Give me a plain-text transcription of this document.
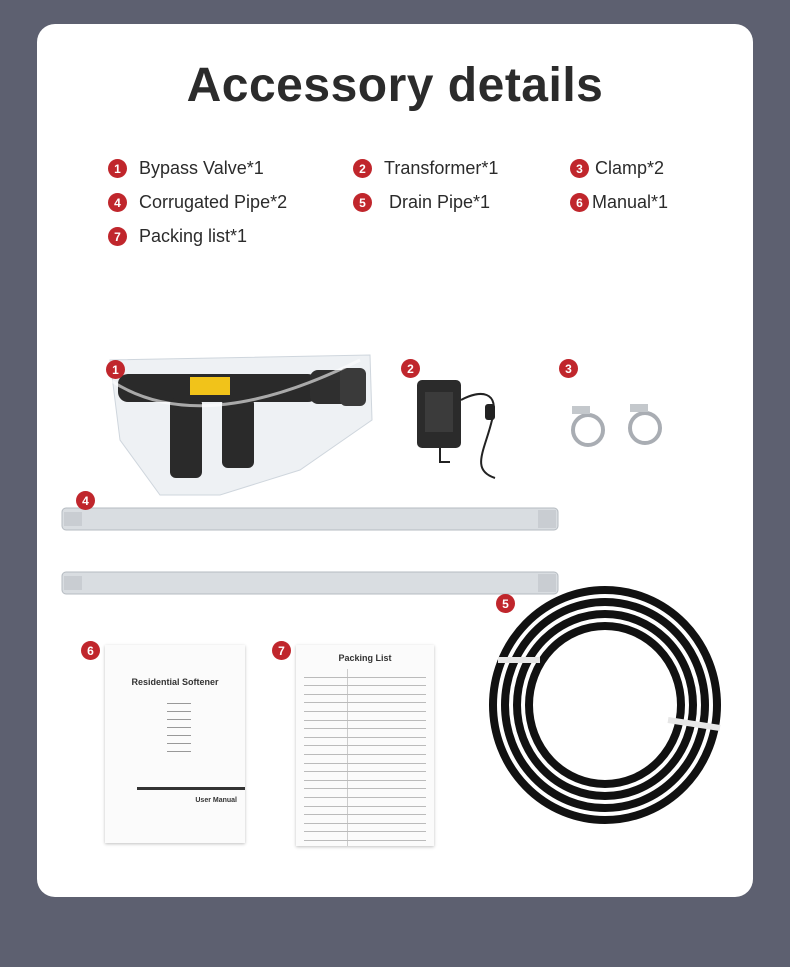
Accessory details
1	Bypass Valve*1	2	Transformer*1	3 Clamp*2
4	Corrugated Pipe*2	5	Drain Pipe*1	6 Manual*1
7	Packing list*1
1	2	3
4
5
6	7
Residential Softener
User Manual
Packing List
